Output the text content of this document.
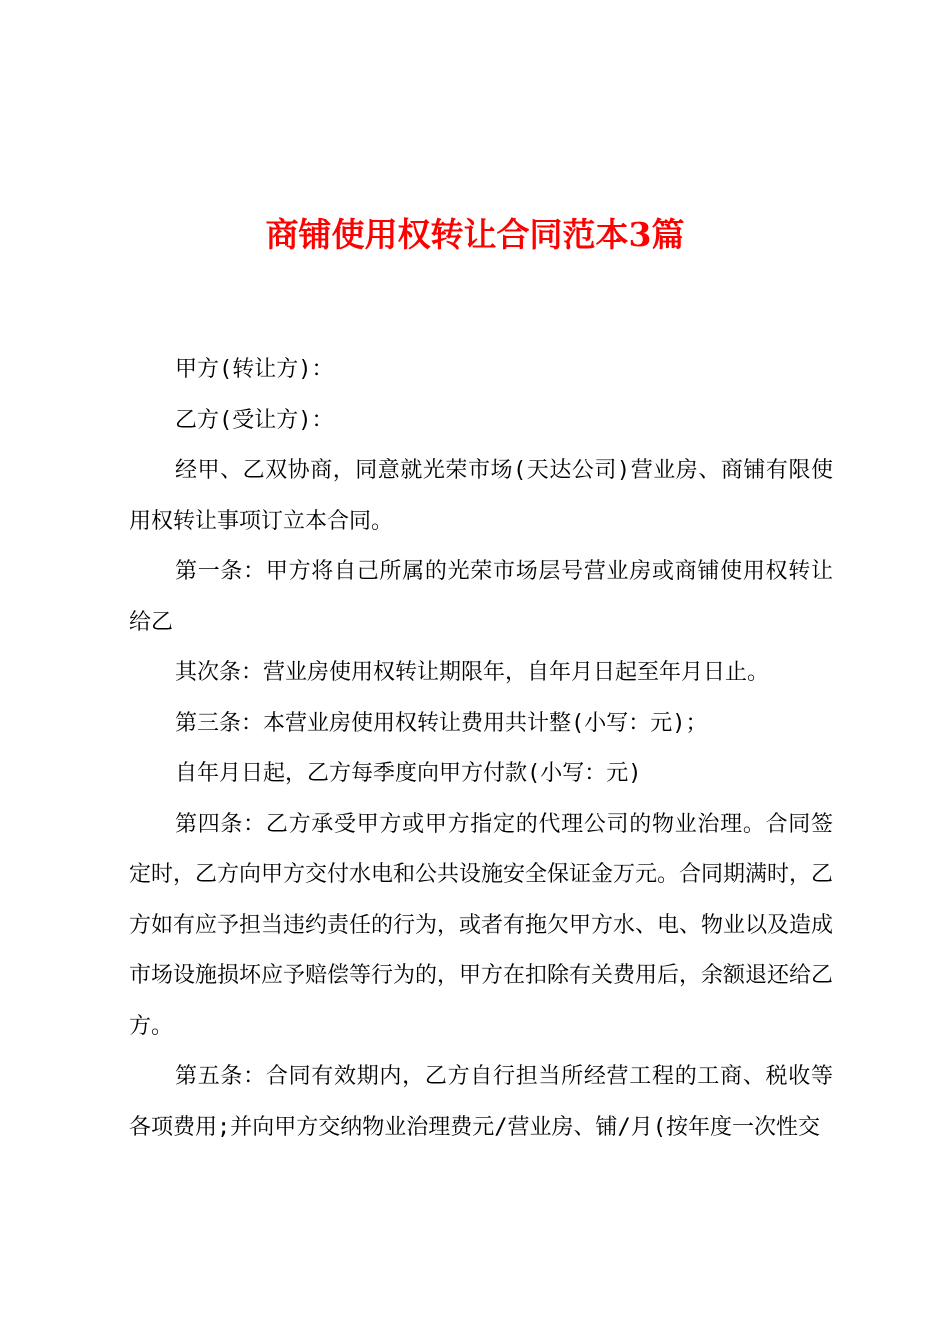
商铺使用权转让合同范本3篇

甲方(转让方)：

乙方(受让方)：

经甲、乙双协商，同意就光荣市场(天达公司)营业房、商铺有限使用权转让事项订立本合同。

第一条：甲方将自己所属的光荣市场层号营业房或商铺使用权转让给乙

其次条：营业房使用权转让期限年，自年月日起至年月日止。

第三条：本营业房使用权转让费用共计整(小写：元)；

自年月日起，乙方每季度向甲方付款(小写：元)

第四条：乙方承受甲方或甲方指定的代理公司的物业治理。合同签定时，乙方向甲方交付水电和公共设施安全保证金万元。合同期满时，乙方如有应予担当违约责任的行为，或者有拖欠甲方水、电、物业以及造成市场设施损坏应予赔偿等行为的，甲方在扣除有关费用后，余额退还给乙方。

第五条：合同有效期内，乙方自行担当所经营工程的工商、税收等各项费用;并向甲方交纳物业治理费元/营业房、铺/月(按年度一次性交
